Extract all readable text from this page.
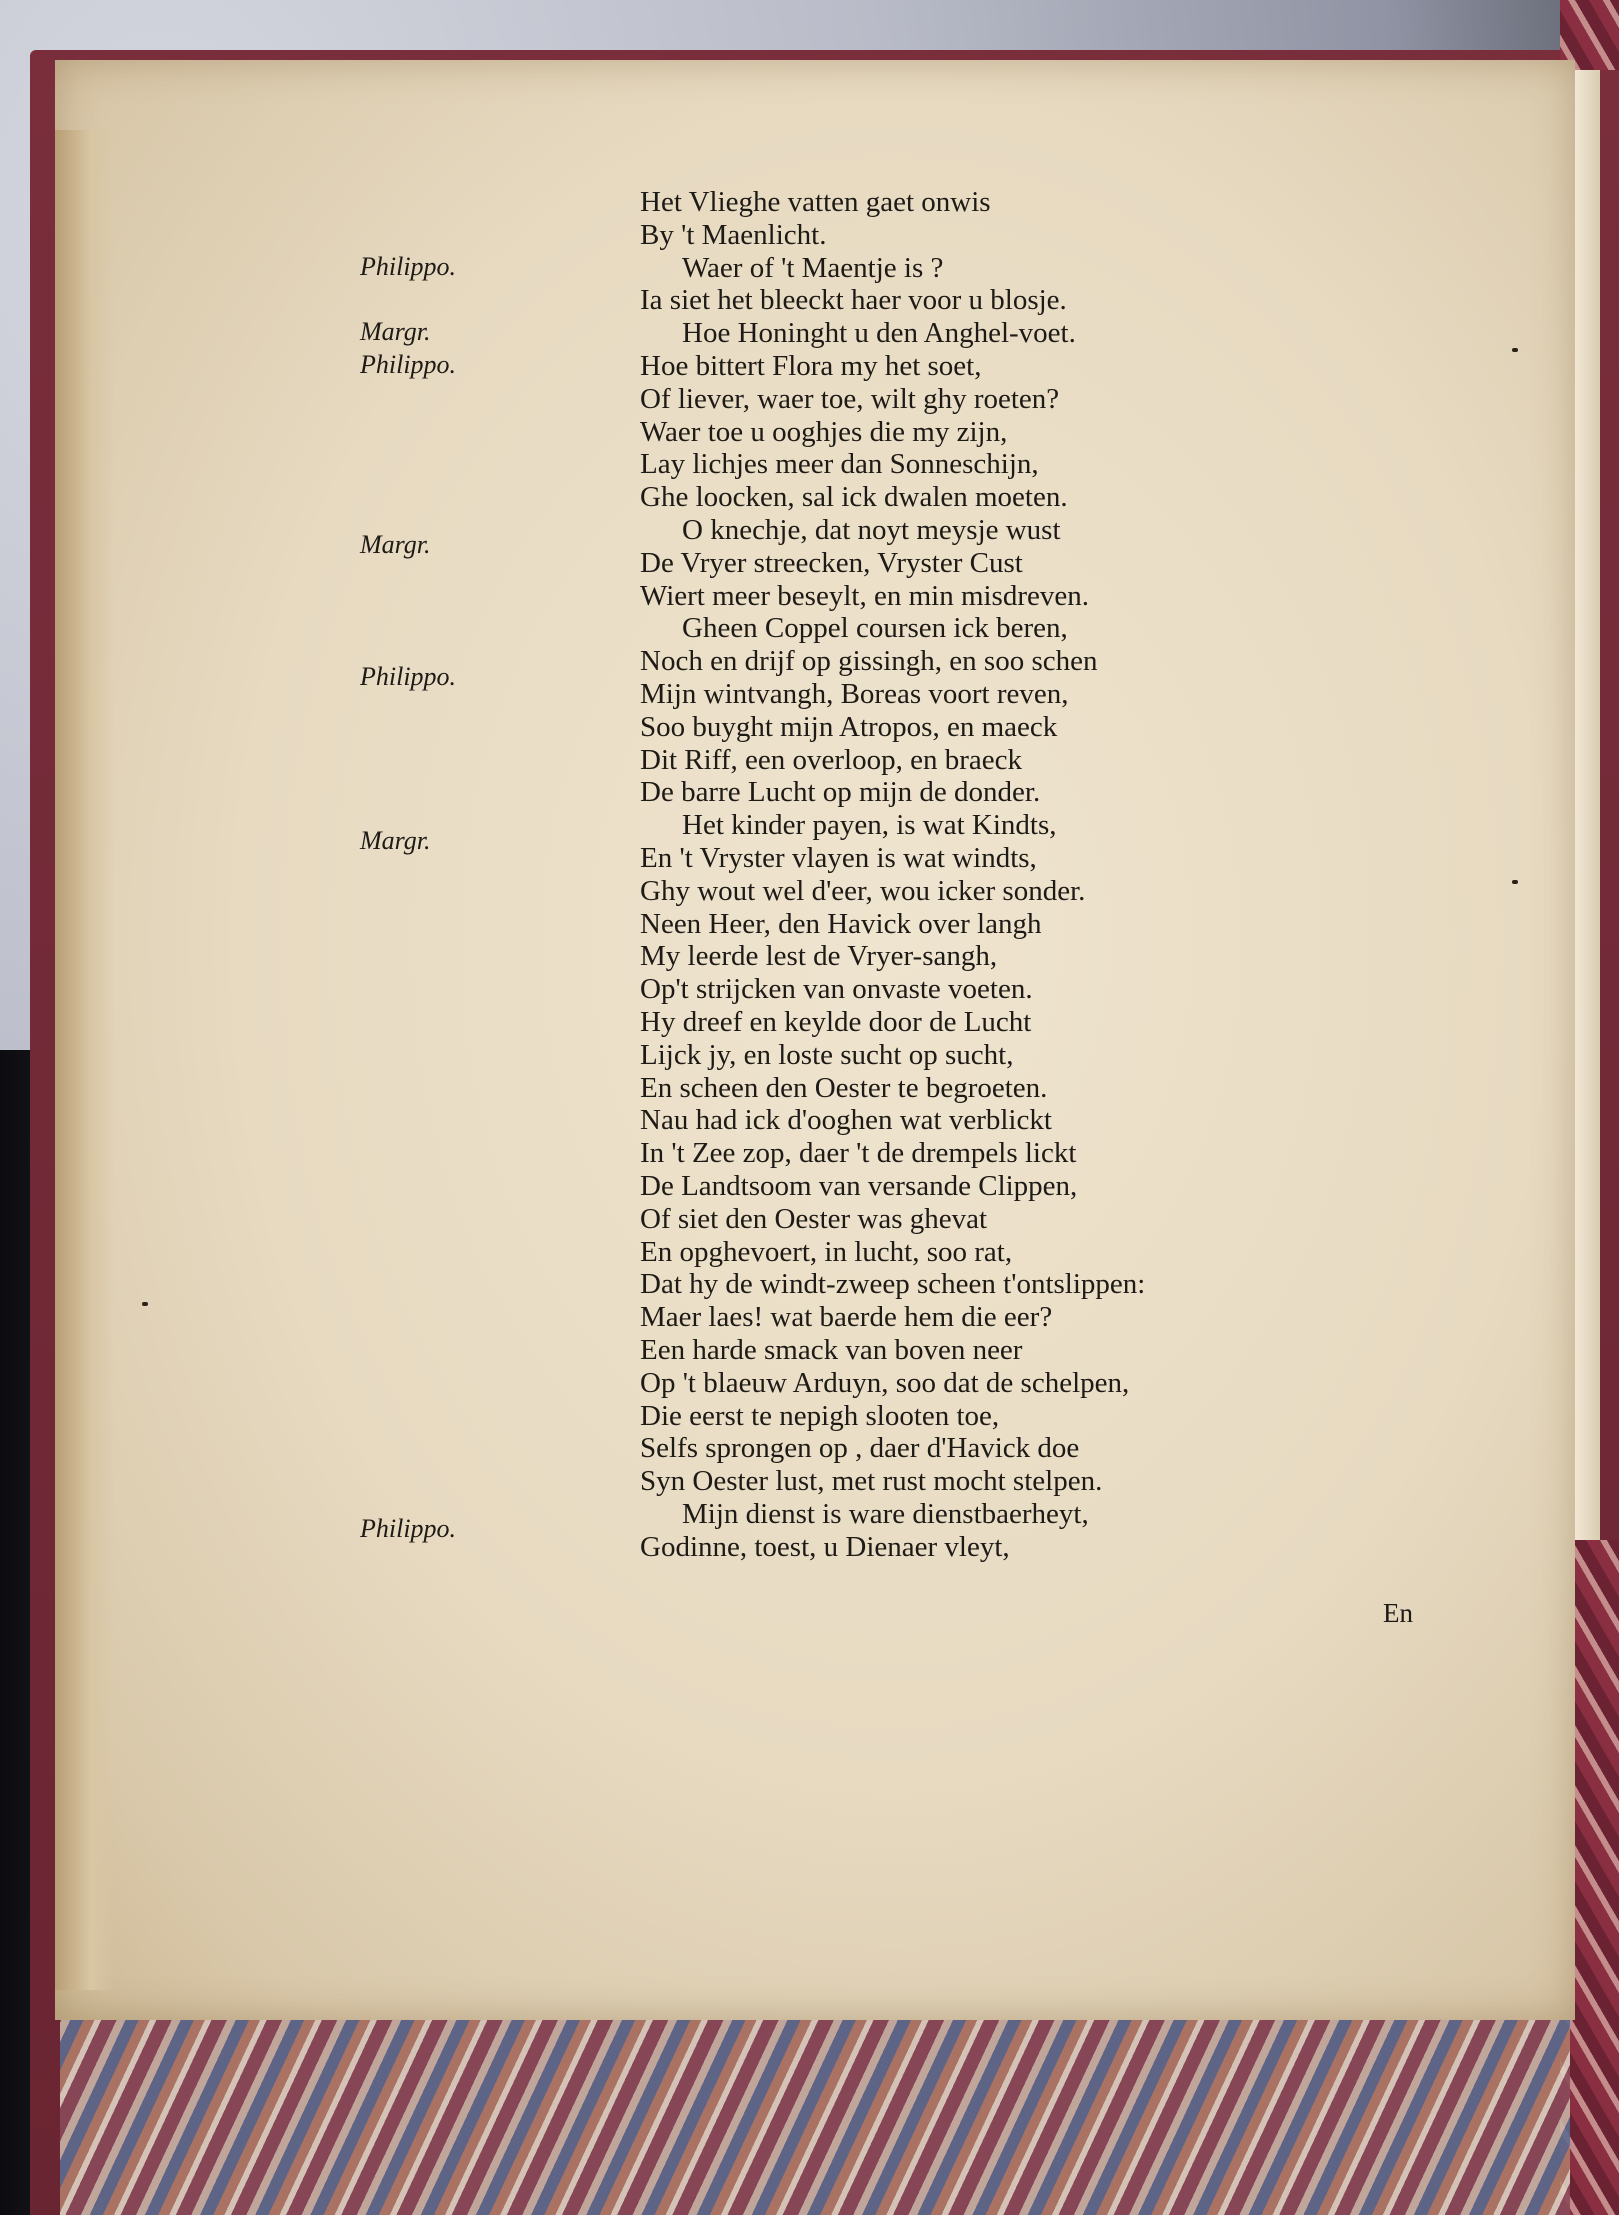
Het Vlieghe vatten gaet onwis
By 't Maenlicht.
Waer of 't Maentje is ?
Ia siet het bleeckt haer voor u blosje.
Hoe Honinght u den Anghel-voet.
Hoe bittert Flora my het soet,
Of liever, waer toe, wilt ghy roeten?
Waer toe u ooghjes die my zijn,
Lay lichjes meer dan Sonneschijn,
Ghe loocken, sal ick dwalen moeten.
O knechje, dat noyt meysje wust
De Vryer streecken, Vryster Cust
Wiert meer beseylt, en min misdreven.
Gheen Coppel coursen ick beren,
Noch en drijf op gissingh, en soo schen
Mijn wintvangh, Boreas voort reven,
Soo buyght mijn Atropos, en maeck
Dit Riff, een overloop, en braeck
De barre Lucht op mijn de donder.
Het kinder payen, is wat Kindts,
En 't Vryster vlayen is wat windts,
Ghy wout wel d'eer, wou icker sonder.
Neen Heer, den Havick over langh
My leerde lest de Vryer-sangh,
Op't strijcken van onvaste voeten.
Hy dreef en keylde door de Lucht
Lijck jy, en loste sucht op sucht,
En scheen den Oester te begroeten.
Nau had ick d'ooghen wat verblickt
In 't Zee zop, daer 't de drempels lickt
De Landtsoom van versande Clippen,
Of siet den Oester was ghevat
En opghevoert, in lucht, soo rat,
Dat hy de windt-zweep scheen t'ontslippen:
Maer laes! wat baerde hem die eer?
Een harde smack van boven neer
Op 't blaeuw Arduyn, soo dat de schelpen,
Die eerst te nepigh slooten toe,
Selfs sprongen op , daer d'Havick doe
Syn Oester lust, met rust mocht stelpen.
Mijn dienst is ware dienstbaerheyt,
Godinne, toest, u Dienaer vleyt,
Philippo.
Margr.
Philippo.
Margr.
Philippo.
Margr.
Philippo.
En
